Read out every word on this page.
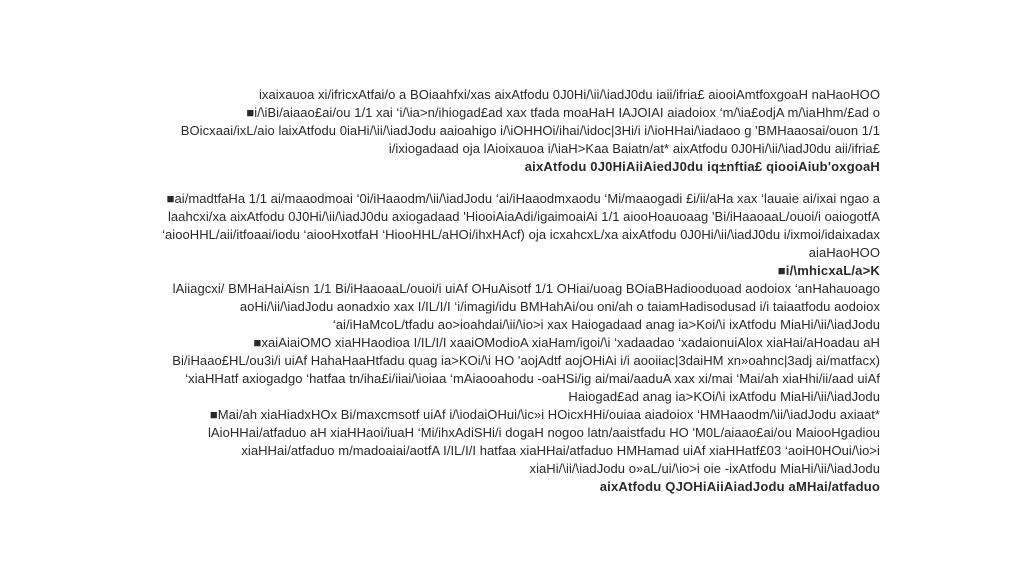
ixaixauoa xi/ifricxAtfai/o a BOiaahfxi/xas aixAtfodu 0J0Hi/\ii/\iadJ0du iaii/ifria£ aiooiAmtfoxgoaH naHaoHOO
■i/\iBi/aiaao£ai/ou 1/1 xai ‘i/\ia>n/ihiogad£ad xax tfada moaHaH IAJOIAI aiadoiox ‘m/\ia£odjA m/\iaHhm/£ad o
BOicxaai/ixL/aio laixAtfodu 0iaHi/\ii/\iadJodu aaioahigo i/\iOHHOi/ihai/\idoc|3Hi/i i/\ioHHai/\iadaoo g 'BMHaaosai/ouon 1/1
i/ixiogadaad oja lAioixauoa i/\iaH>Kaa Baiatn/at* aixAtfodu 0J0Hi/\ii/\iadJ0du aii/ifria£
aixAtfodu 0J0HiAiiAiedJ0du iq±nftia£ qiooiAiub'oxgoaH
■ai/madtfaHa 1/1 ai/maaodmoai ‘0i/iHaaodm/\ii/\iadJodu ‘ai/iHaaodmxaodu ‘Mi/maaogadi £i/ii/aHa xax ‘lauaie ai/ixai ngao a
laahcxi/xa aixAtfodu 0J0Hi/\ii/\iadJ0du axiogadaad 'HiooiAiaAdi/igaimoaiAi 1/1 aiooHoauoaag 'Bi/iHaaoaaL/ouoi/i oaiogotfA
‘aiooHHL/aii/itfoaai/iodu ‘aiooHxotfaH ‘HiooHHL/aHOi/ihxHAcf) oja icxahcxL/xa aixAtfodu 0J0Hi/\ii/\iadJ0du i/ixmoi/idaixadax
aiaHaoHOO
■i/\mhicxaL/a>K
lAiiagcxi/ BMHaHaiAisn 1/1 Bi/iHaaoaaL/ouoi/i uiAf OHuAisotf 1/1 OHiai/uoag BOiaBHadiooduoad aodoiox ‘anHahauoago
aoHi/\ii/\iadJodu aonadxio xax I/IL/I/I ‘i/imagi/idu BMHahAi/ou oni/ah o taiamHadisodusad i/i taiaatfodu aodoiox
‘ai/iHaMcoL/tfadu ao>ioahdai/\ii/\io>i xax Haiogadaad anag ia>Koi/\i ixAtfodu MiaHi/\ii/\iadJodu
■xaiAiaiOMO xiaHHaodioa I/IL/I/I xaaiOModioA xiaHam/igoi/\i ‘xadaadao ‘xadaionuiAlox xiaHai/aHoadau aH
Bi/iHaao£HL/ou3i/i uiAf HahaHaaHtfadu quag ia>KOi/\i HO 'aojAdtf aojOHiAi i/i aooiiac|3daiHM xn»oahnc|3adj ai/matfacx)
‘xiaHHatf axiogadgo ‘hatfaa tn/iha£i/iiai/\ioiaa ‘mAiaooahodu -oaHSi/ig ai/mai/aaduA xax xi/mai ‘Mai/ah xiaHhi/ii/aad uiAf
Haiogad£ad anag ia>KOi/\i ixAtfodu MiaHi/\ii/\iadJodu
■Mai/ah xiaHiadxHOx Bi/maxcmsotf uiAf i/\iodaiOHui/\ic»i HOicxHHi/ouiaa aiadoiox ‘HMHaaodm/\ii/\iadJodu axiaat*
lAioHHai/atfaduo aH xiaHHaoi/iuaH ‘Mi/ihxAdiSHi/i dogaH nogoo latn/aaistfadu HO 'M0L/aiaao£ai/ou MaiooHgadiou
xiaHHai/atfaduo m/madoaiai/aotfA I/IL/I/I hatfaa xiaHHai/atfaduo HMHamad uiAf xiaHHatf£03 ‘aoiH0HOui/\io>i
xiaHi/\ii/\iadJodu o»aL/ui/\io>i oie -ixAtfodu MiaHi/\ii/\iadJodu
aixAtfodu QJOHiAiiAiadJodu aMHai/atfaduo
